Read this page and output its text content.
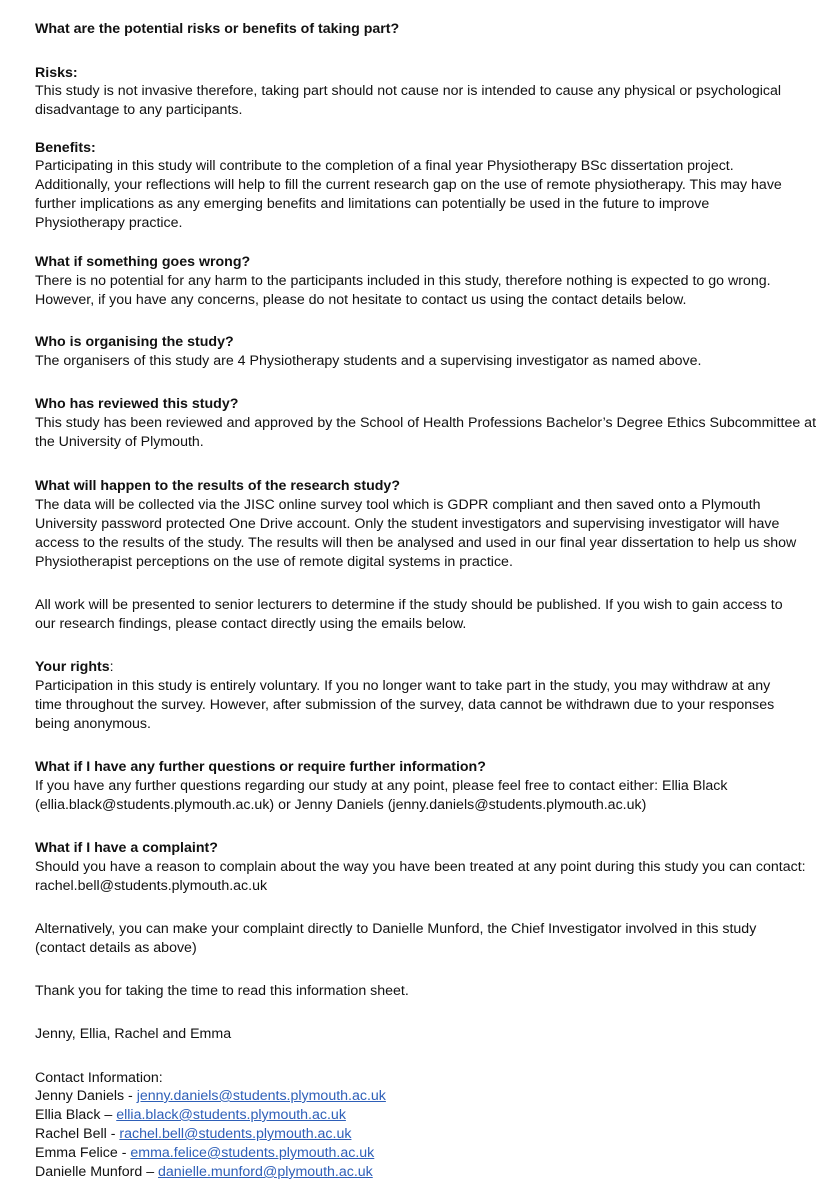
What are the potential risks or benefits of taking part?

Risks:

This study is not invasive therefore, taking part should not cause nor is intended to cause any physical or psychological

disadvantage to any participants.

Benefits:

Participating in this study will contribute to the completion of a final year Physiotherapy BSc dissertation project.

Additionally, your reflections will help to fill the current research gap on the use of remote physiotherapy. This may have

further implications as any emerging benefits and limitations can potentially be used in the future to improve

Physiotherapy practice.

What if something goes wrong?

There is no potential for any harm to the participants included in this study, therefore nothing is expected to go wrong.

However, if you have any concerns, please do not hesitate to contact us using the contact details below.

Who is organising the study?

The organisers of this study are 4 Physiotherapy students and a supervising investigator as named above.

Who has reviewed this study?

This study has been reviewed and approved by the School of Health Professions Bachelor’s Degree Ethics Subcommittee at

the University of Plymouth.

What will happen to the results of the research study?

The data will be collected via the JISC online survey tool which is GDPR compliant and then saved onto a Plymouth

University password protected One Drive account. Only the student investigators and supervising investigator will have

access to the results of the study. The results will then be analysed and used in our final year dissertation to help us show

Physiotherapist perceptions on the use of remote digital systems in practice.

All work will be presented to senior lecturers to determine if the study should be published. If you wish to gain access to

our research findings, please contact directly using the emails below.

Your rights:

Participation in this study is entirely voluntary. If you no longer want to take part in the study, you may withdraw at any

time throughout the survey. However, after submission of the survey, data cannot be withdrawn due to your responses

being anonymous.

What if I have any further questions or require further information?

If you have any further questions regarding our study at any point, please feel free to contact either: Ellia Black

(ellia.black@students.plymouth.ac.uk) or Jenny Daniels (jenny.daniels@students.plymouth.ac.uk)

What if I have a complaint?

Should you have a reason to complain about the way you have been treated at any point during this study you can contact:

rachel.bell@students.plymouth.ac.uk

Alternatively, you can make your complaint directly to Danielle Munford, the Chief Investigator involved in this study

(contact details as above)

Thank you for taking the time to read this information sheet.

Jenny, Ellia, Rachel and Emma

Contact Information:

Jenny Daniels - jenny.daniels@students.plymouth.ac.uk

Ellia Black – ellia.black@students.plymouth.ac.uk

Rachel Bell - rachel.bell@students.plymouth.ac.uk

Emma Felice - emma.felice@students.plymouth.ac.uk

Danielle Munford – danielle.munford@plymouth.ac.uk
